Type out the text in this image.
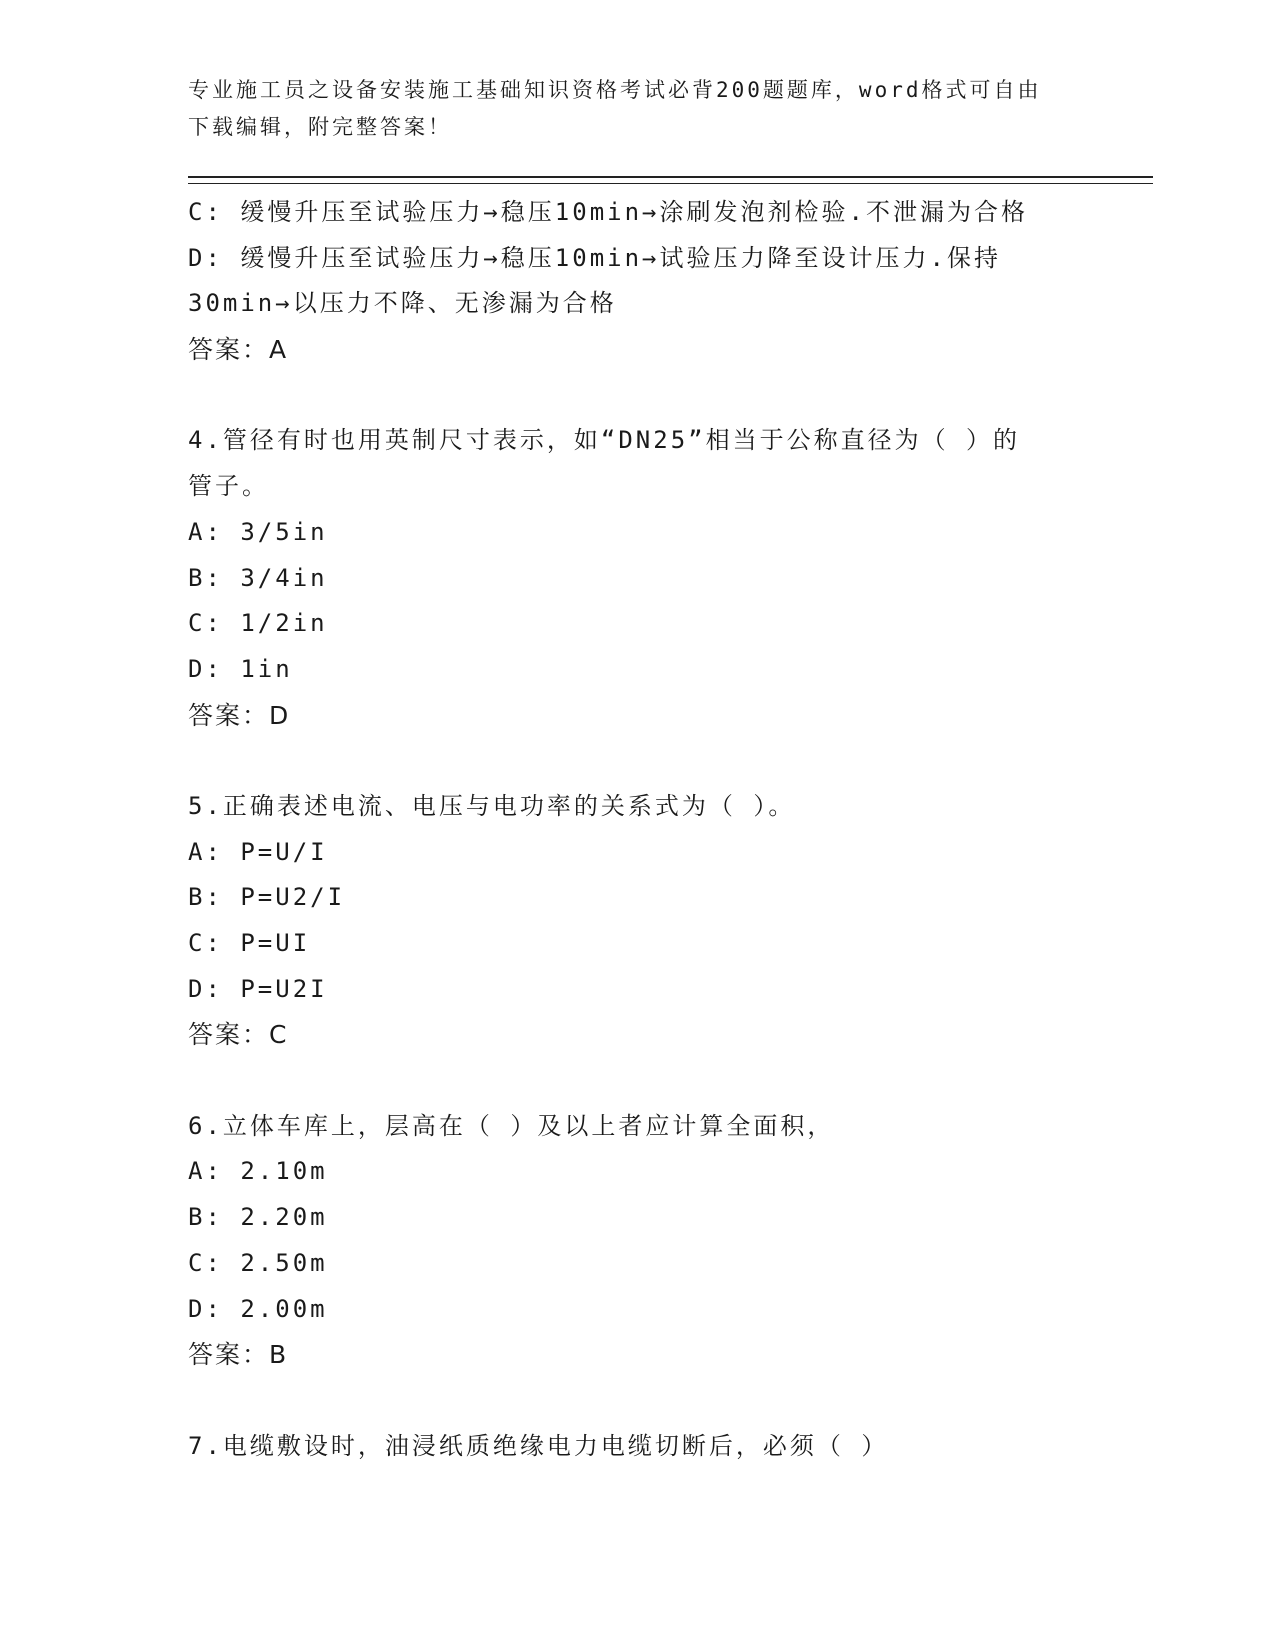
专业施工员之设备安装施工基础知识资格考试必背200题题库，word格式可自由
下载编辑，附完整答案！
C: 缓慢升压至试验压力→稳压10min→涂刷发泡剂检验.不泄漏为合格
D: 缓慢升压至试验压力→稳压10min→试验压力降至设计压力.保持
30min→以压力不降、无渗漏为合格
答案：A
4.管径有时也用英制尺寸表示，如“DN25”相当于公称直径为（ ）的
管子。
A: 3/5in
B: 3/4in
C: 1/2in
D: 1in
答案：D
5.正确表述电流、电压与电功率的关系式为（ ）。
A: P=U/I
B: P=U2/I
C: P=UI
D: P=U2I
答案：C
6.立体车库上，层高在（ ）及以上者应计算全面积，
A: 2.10m
B: 2.20m
C: 2.50m
D: 2.00m
答案：B
7.电缆敷设时，油浸纸质绝缘电力电缆切断后，必须（ ）
